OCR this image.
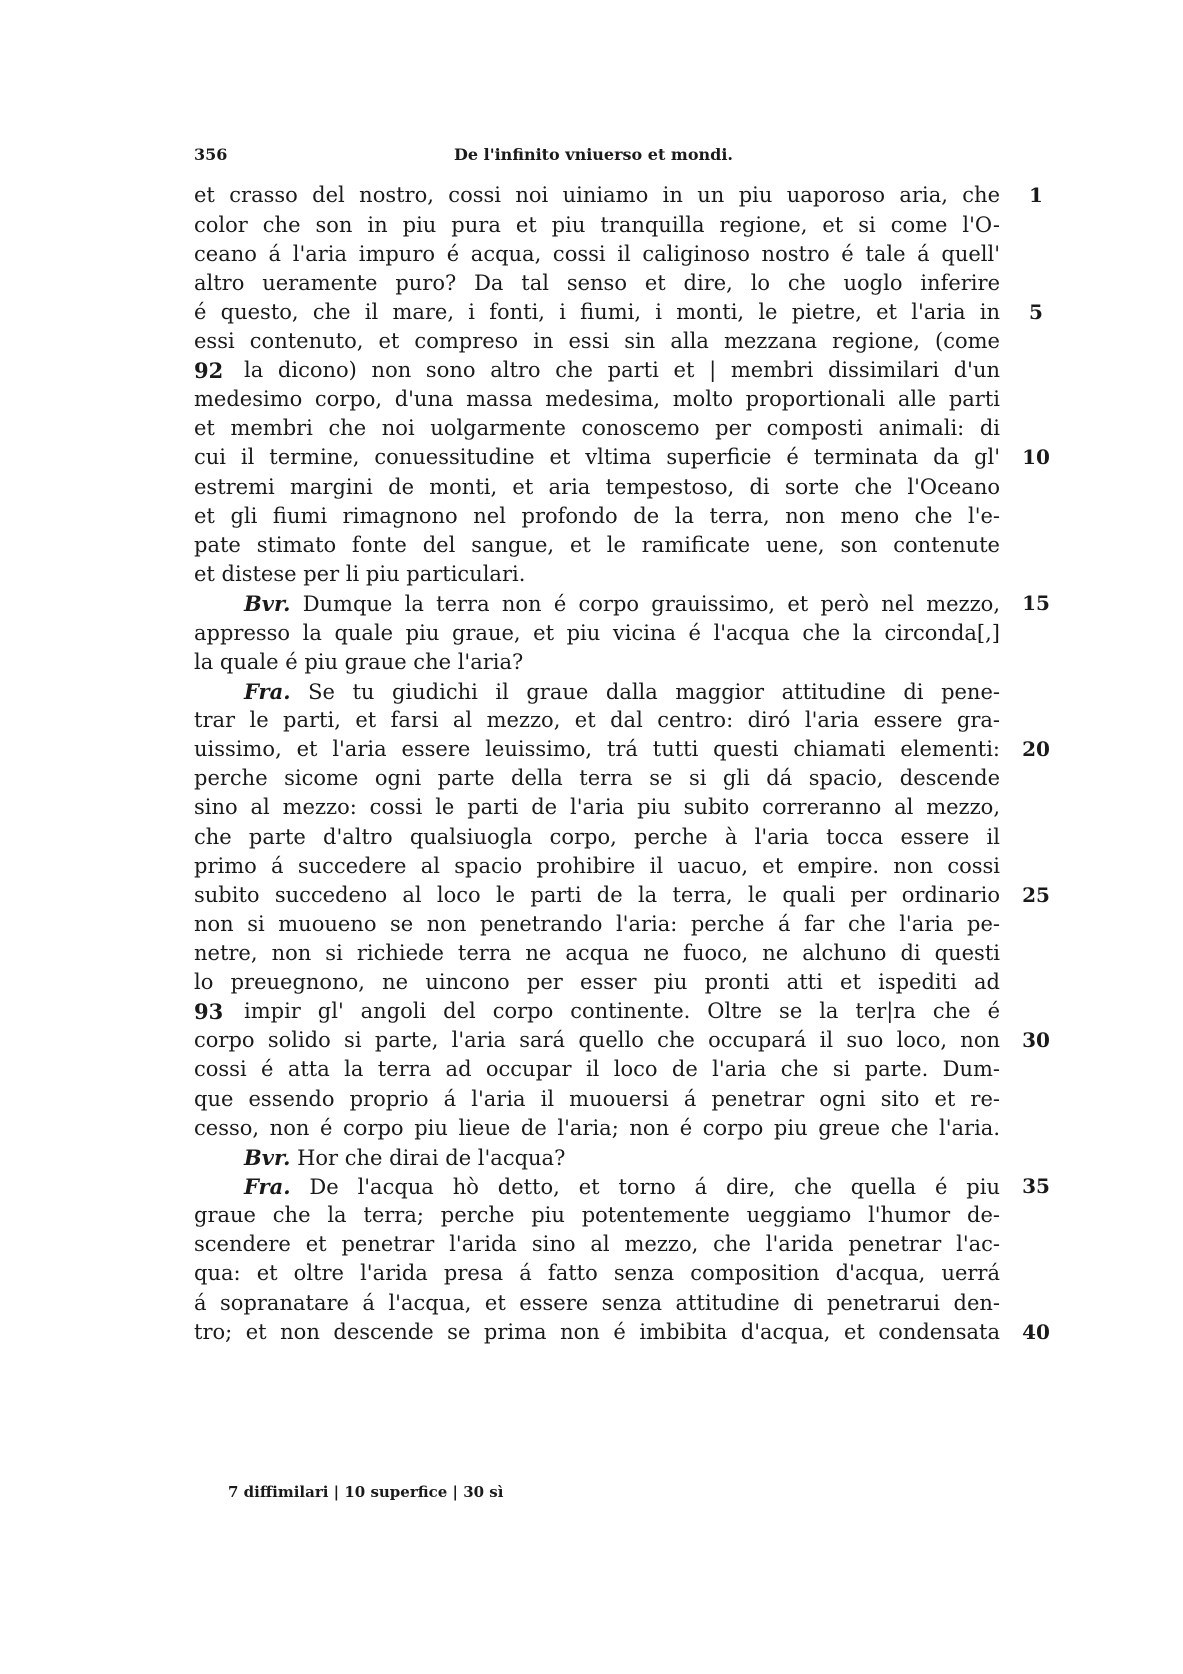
356	De l'infinito vniuerso et mondi.
et crasso del nostro, cossi noi uiniamo in un piu uaporoso aria, che
color che son in piu pura et piu tranquilla regione, et si come l'O-
ceano á l'aria impuro é acqua, cossi il caliginoso nostro é tale á quell'
altro ueramente puro? Da tal senso et dire, lo che uoglo inferire
é questo, che il mare, i fonti, i fiumi, i monti, le pietre, et l'aria in
essi contenuto, et compreso in essi sin alla mezzana regione, (come
la dicono) non sono altro che parti et | membri dissimilari d'un
medesimo corpo, d'una massa medesima, molto proportionali alle parti
et membri che noi uolgarmente conoscemo per composti animali: di
cui il termine, conuessitudine et vltima superficie é terminata da gl'
estremi margini de monti, et aria tempestoso, di sorte che l'Oceano
et gli fiumi rimagnono nel profondo de la terra, non meno che l'e-
pate stimato fonte del sangue, et le ramificate uene, son contenute
et distese per li piu particulari.
Bvr. Dumque la terra non é corpo grauissimo, et però nel mezzo,
appresso la quale piu graue, et piu vicina é l'acqua che la circonda[,]
la quale é piu graue che l'aria?
Fra. Se tu giudichi il graue dalla maggior attitudine di pene-
trar le parti, et farsi al mezzo, et dal centro: diró l'aria essere gra-
uissimo, et l'aria essere leuissimo, trá tutti questi chiamati elementi:
perche sicome ogni parte della terra se si gli dá spacio, descende
sino al mezzo: cossi le parti de l'aria piu subito correranno al mezzo,
che parte d'altro qualsiuogla corpo, perche à l'aria tocca essere il
primo á succedere al spacio prohibire il uacuo, et empire. non cossi
subito succedeno al loco le parti de la terra, le quali per ordinario
non si muoueno se non penetrando l'aria: perche á far che l'aria pe-
netre, non si richiede terra ne acqua ne fuoco, ne alchuno di questi
lo preuegnono, ne uincono per esser piu pronti atti et ispediti ad
impir gl' angoli del corpo continente. Oltre se la ter|ra che é
corpo solido si parte, l'aria sará quello che occupará il suo loco, non
cossi é atta la terra ad occupar il loco de l'aria che si parte. Dum-
que essendo proprio á l'aria il muouersi á penetrar ogni sito et re-
cesso, non é corpo piu lieue de l'aria; non é corpo piu greue che l'aria.
Bvr. Hor che dirai de l'acqua?
Fra. De l'acqua hò detto, et torno á dire, che quella é piu
graue che la terra; perche piu potentemente ueggiamo l'humor de-
scendere et penetrar l'arida sino al mezzo, che l'arida penetrar l'ac-
qua: et oltre l'arida presa á fatto senza composition d'acqua, uerrá
á sopranatare á l'acqua, et essere senza attitudine di penetrarui den-
tro; et non descende se prima non é imbibita d'acqua, et condensata
92
93
1
5
10
15
20
25
30
35
40
7 diffimilari | 10 superfice | 30 sì
